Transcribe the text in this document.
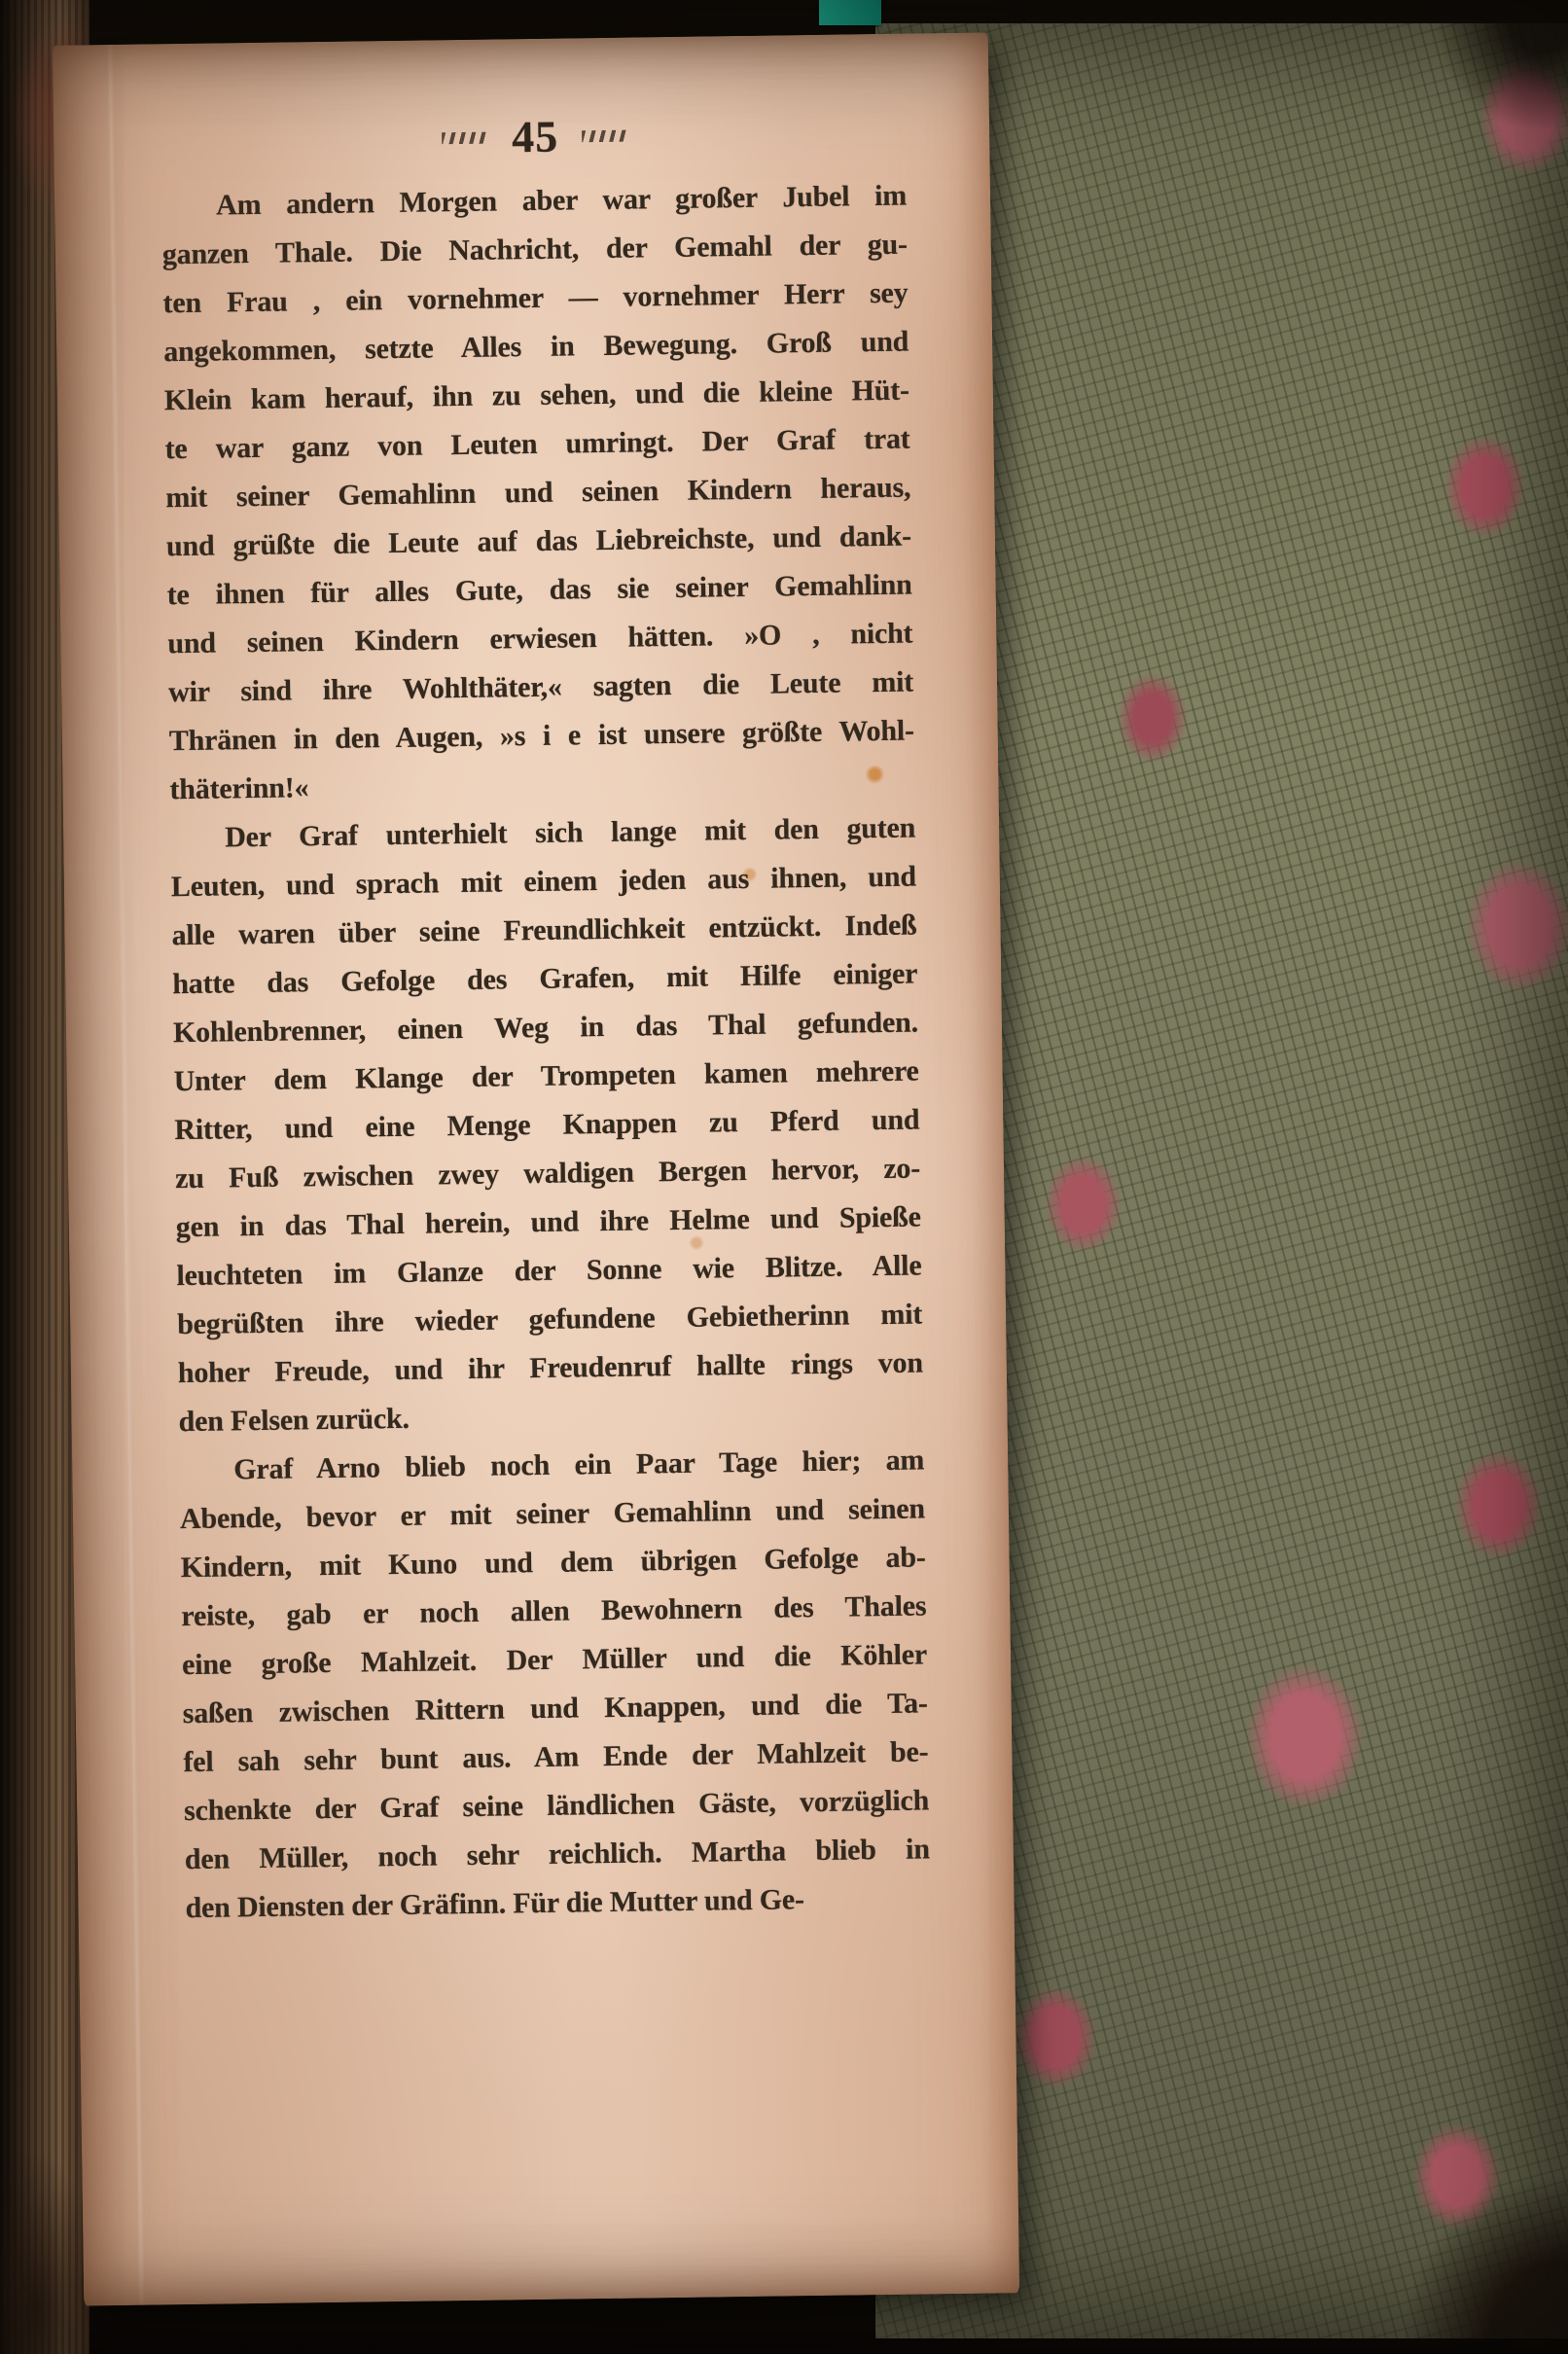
45
Am andern Morgen aber war großer Jubel im
ganzen Thale. Die Nachricht, der Gemahl der gu-
ten Frau , ein vornehmer — vornehmer Herr sey
angekommen, setzte Alles in Bewegung. Groß und
Klein kam herauf, ihn zu sehen, und die kleine Hüt-
te war ganz von Leuten umringt. Der Graf trat
mit seiner Gemahlinn und seinen Kindern heraus,
und grüßte die Leute auf das Liebreichste, und dank-
te ihnen für alles Gute, das sie seiner Gemahlinn
und seinen Kindern erwiesen hätten. »O , nicht
wir sind ihre Wohlthäter,« sagten die Leute mit
Thränen in den Augen, »s i e ist unsere größte Wohl-
thäterinn!«
Der Graf unterhielt sich lange mit den guten
Leuten, und sprach mit einem jeden aus ihnen, und
alle waren über seine Freundlichkeit entzückt. Indeß
hatte das Gefolge des Grafen, mit Hilfe einiger
Kohlenbrenner, einen Weg in das Thal gefunden.
Unter dem Klange der Trompeten kamen mehrere
Ritter, und eine Menge Knappen zu Pferd und
zu Fuß zwischen zwey waldigen Bergen hervor, zo-
gen in das Thal herein, und ihre Helme und Spieße
leuchteten im Glanze der Sonne wie Blitze. Alle
begrüßten ihre wieder gefundene Gebietherinn mit
hoher Freude, und ihr Freudenruf hallte rings von
den Felsen zurück.
Graf Arno blieb noch ein Paar Tage hier; am
Abende, bevor er mit seiner Gemahlinn und seinen
Kindern, mit Kuno und dem übrigen Gefolge ab-
reiste, gab er noch allen Bewohnern des Thales
eine große Mahlzeit. Der Müller und die Köhler
saßen zwischen Rittern und Knappen, und die Ta-
fel sah sehr bunt aus. Am Ende der Mahlzeit be-
schenkte der Graf seine ländlichen Gäste, vorzüglich
den Müller, noch sehr reichlich. Martha blieb in
den Diensten der Gräfinn. Für die Mutter und Ge-
